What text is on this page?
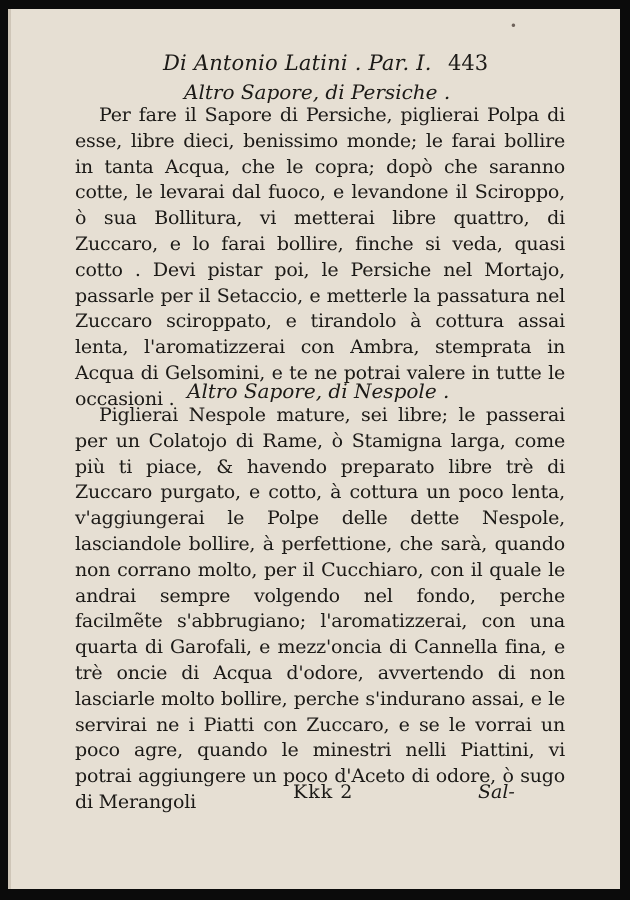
•
Di Antonio Latini . Par. I. 443
Altro Sapore, di Persiche .

Per fare il Sapore di Persiche, piglierai Polpa di esse, libre dieci, benissimo monde; le farai bollire in tanta Acqua, che le copra; dopò che saranno cotte, le levarai dal fuoco, e levandone il Sciroppo, ò sua Bollitura, vi metterai libre quattro, di Zuccaro, e lo farai bollire, finche si veda, quasi cotto . Devi pistar poi, le Persiche nel Mortajo, passarle per il Setaccio, e metterle la passatura nel Zuccaro sciroppato, e tirandolo à cottura assai lenta, l'aromatizzerai con Ambra, stemprata in Acqua di Gelsomini, e te ne potrai valere in tutte le occasioni . Altro Sapore, di Nespole .

Piglierai Nespole mature, sei libre; le passerai per un Colatojo di Rame, ò Stamigna larga, come più ti piace, & havendo preparato libre trè di Zuccaro purgato, e cotto, à cottura un poco lenta, v'aggiungerai le Polpe delle dette Nespole, lasciandole bollire, à perfettione, che sarà, quando non corrano molto, per il Cucchiaro, con il quale le andrai sempre volgendo nel fondo, perche facilmẽte s'abbrugiano; l'aromatizzerai, con una quarta di Garofali, e mezz'oncia di Cannella fina, e trè oncie di Acqua d'odore, avvertendo di non lasciarle molto bollire, perche s'indurano assai, e le servirai ne i Piatti con Zuccaro, e se le vorrai un poco agre, quando le minestri nelli Piattini, vi potrai aggiungere un poco d'Aceto di odore, ò sugo di Merangoli	Kkk 2	Sal-
